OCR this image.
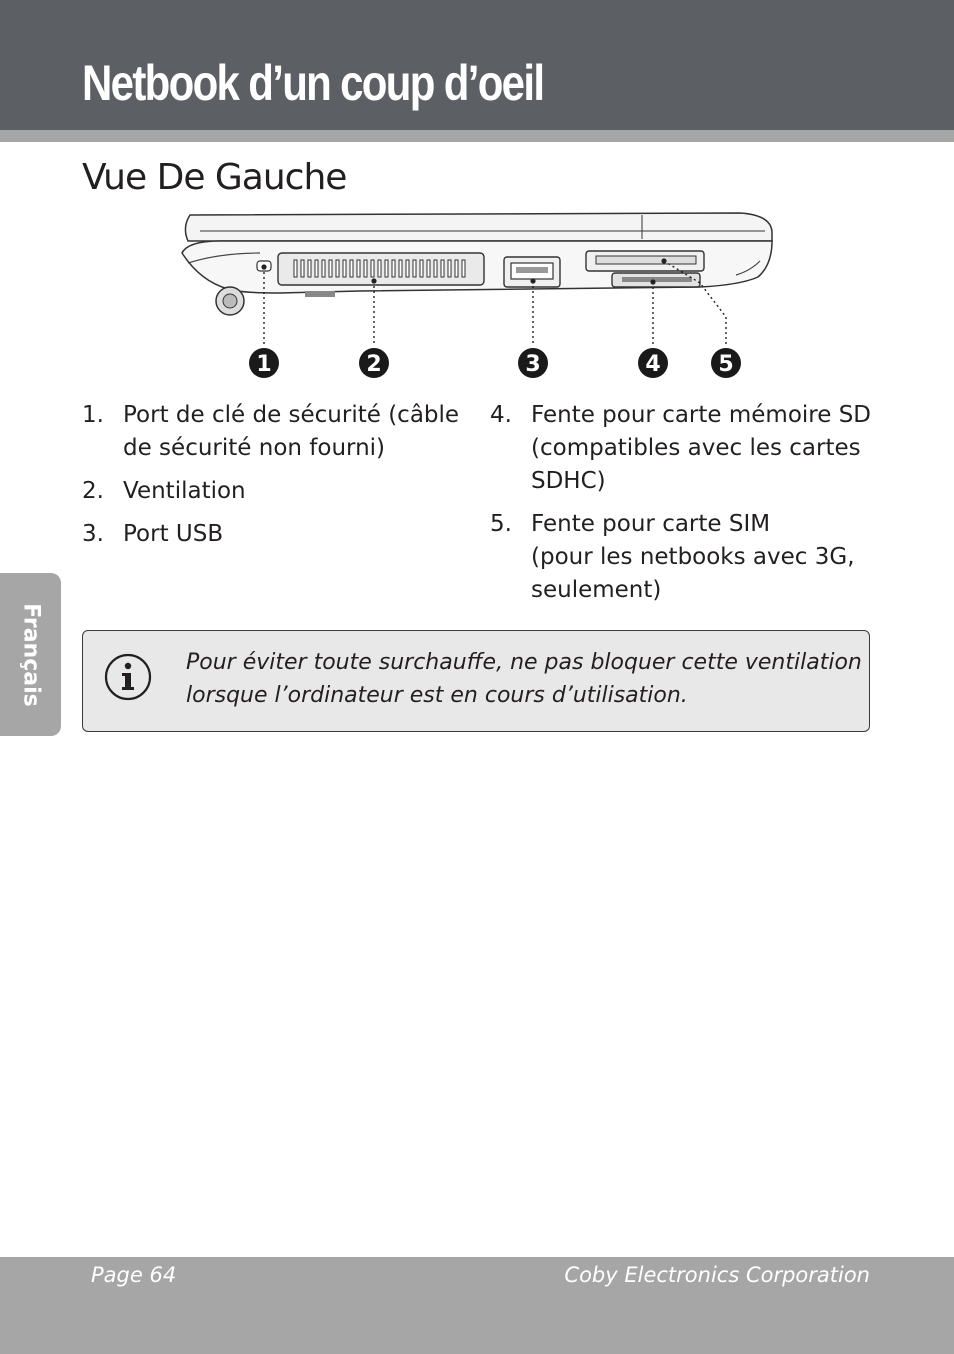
Netbook d’un coup d’oeil
Vue De Gauche
1	2	3	4	5
1. Port de clé de sécurité (câble de sécurité non fourni)
2. Ventilation
3. Port USB
4. Fente pour carte mémoire SD (compatibles avec les cartes SDHC)
5. Fente pour carte SIM
(pour les netbooks avec 3G, seulement)
Français	Pour éviter toute surchauffe, ne pas bloquer cette ventilation lorsque l’ordinateur est en cours d’utilisation.

Page 64	Coby Electronics Corporation
